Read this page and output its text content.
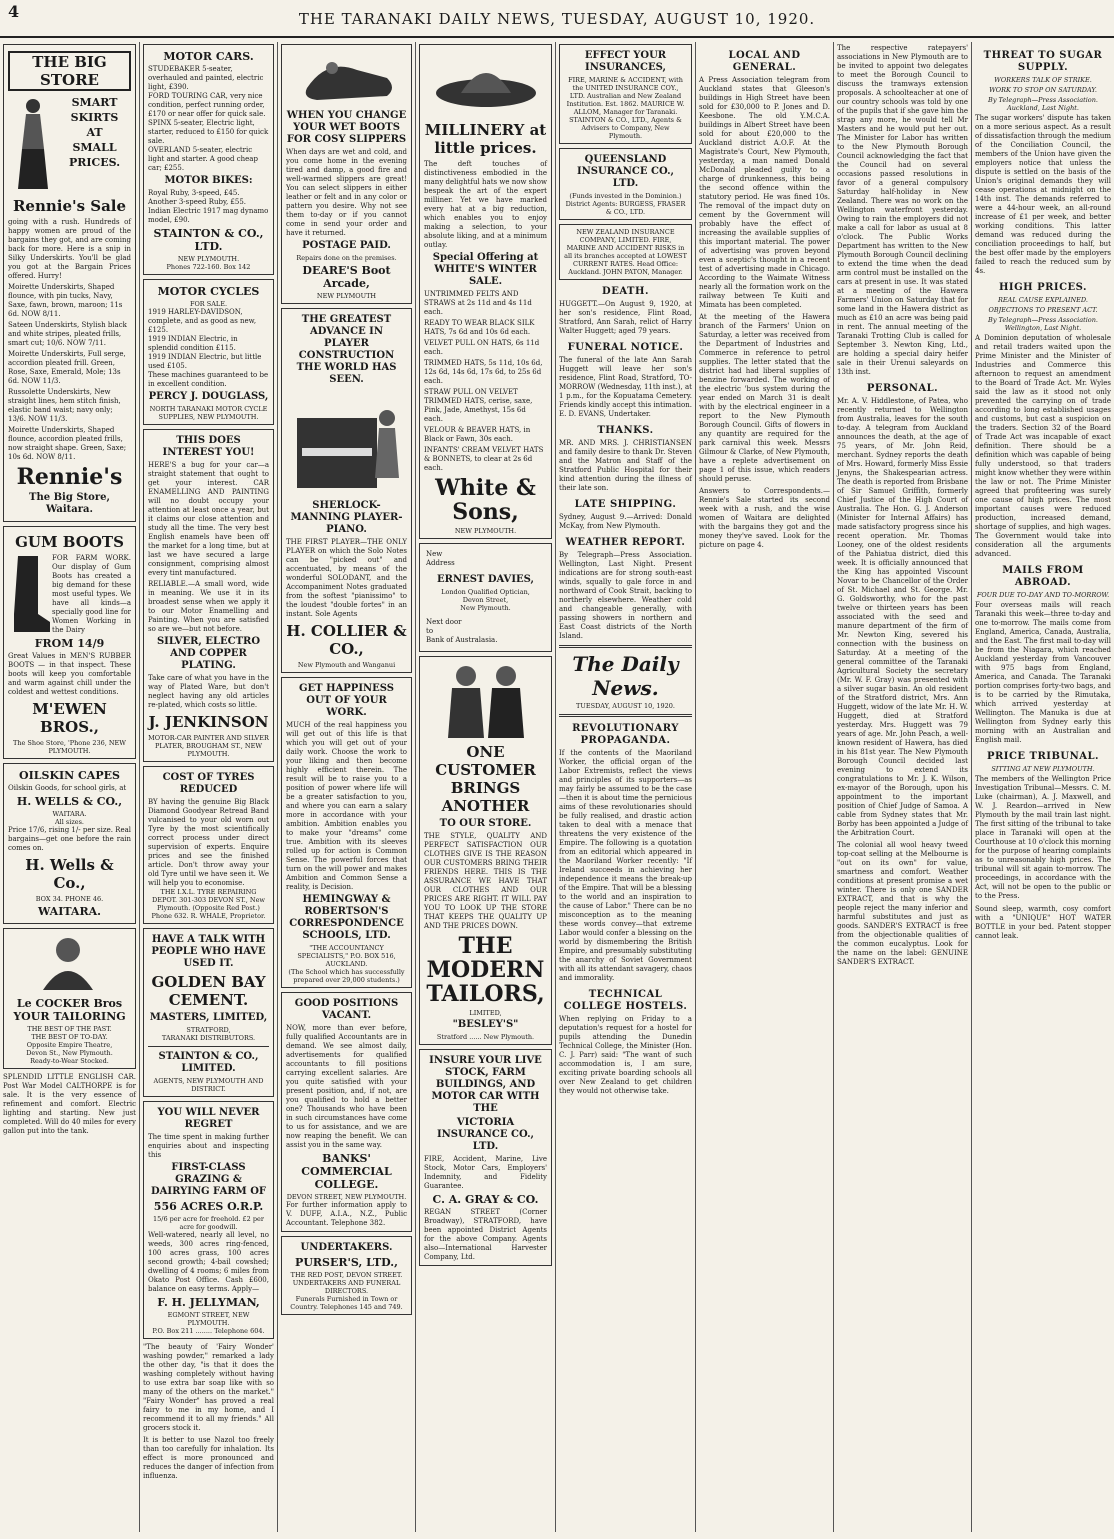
4	THE TARANAKI DAILY NEWS, TUESDAY, AUGUST 10, 1920.
THE BIG STORE
SMART
SKIRTS
AT
SMALL
PRICES.
Rennie's Sale
going with a rush. Hundreds of happy women are proud of the bargains they got, and are coming back for more. Here is a snip in Silky Underskirts. You'll be glad you got at the Bargain Prices offered. Hurry!
Moirette Underskirts, Shaped flounce, with pin tucks, Navy, Saxe, fawn, brown, maroon; 11s 6d. NOW 8/11.
Sateen Underskirts, Stylish black and white stripes, pleated frills, smart cut; 10/6. NOW 7/11.
Moirette Underskirts, Full serge, accordion pleated frill. Green, Rose, Saxe, Emerald, Mole; 13s 6d. NOW 11/3.
Russolette Underskirts, New straight lines, hem stitch finish, elastic band waist; navy only; 13/6. NOW 11/3.
Moirette Underskirts, Shaped flounce, accordion pleated frills, now straight shape. Green, Saxe; 10s 6d. NOW 8/11.
Rennie's
The Big Store, Waitara.
GUM BOOTS
FOR FARM WORK. Our display of Gum Boots has created a big demand for these most useful types. We have all kinds—a specially good line for Women Working in the Dairy
FROM 14/9
Great Values in MEN'S RUBBER BOOTS — in that inspect. These boots will keep you comfortable and warm against chill under the coldest and wettest conditions.
M'EWEN BROS.,
The Shoe Store, 'Phone 236, NEW PLYMOUTH.
OILSKIN CAPES
Oilskin Goods, for school girls, at
H. WELLS & CO.,
WAITARA.
All sizes.
Price 17/6, rising 1/- per size. Real bargains—get one before the rain comes on.
H. Wells & Co.,
BOX 34. PHONE 46.
WAITARA.
Le COCKER Bros YOUR TAILORING
THE BEST OF THE PAST.
THE BEST OF TO-DAY.
Opposite Empire Theatre,
Devon St., New Plymouth.
Ready-to-Wear Stocked.
SPLENDID LITTLE ENGLISH CAR. Post War Model CALTHORPE is for sale. It is the very essence of refinement and comfort. Electric lighting and starting. New just completed. Will do 40 miles for every gallon put into the tank.
MOTOR CARS.
STUDEBAKER 5-seater, overhauled and painted, electric light, £390.
FORD TOURING CAR, very nice condition, perfect running order, £170 or near offer for quick sale.
SPINX 5-seater, Electric light, starter, reduced to £150 for quick sale.
OVERLAND 5-seater, electric light and starter. A good cheap car; £255.
MOTOR BIKES:
Royal Ruby, 3-speed, £45.
Another 3-speed Ruby, £55.
Indian Electric 1917 mag dynamo model, £90.
STAINTON & CO., LTD.
NEW PLYMOUTH.
Phones 722-160. Box 142
MOTOR CYCLES
FOR SALE.
1919 HARLEY-DAVIDSON, complete, and as good as new, £125.
1919 INDIAN Electric, in splendid condition £115.
1919 INDIAN Electric, but little used £105.
These machines guaranteed to be in excellent condition.
PERCY J. DOUGLASS,
NORTH TARANAKI MOTOR CYCLE SUPPLIES, NEW PLYMOUTH.
THIS DOES INTEREST YOU!
HERE'S a bug for your car—a straight statement that ought to get your interest. CAR ENAMELLING AND PAINTING will no doubt occupy your attention at least once a year, but it claims our close attention and study all the time. The very best English enamels have been off the market for a long time, but at last we have secured a large consignment, comprising almost every tint manufactured.
RELIABLE.—A small word, wide in meaning. We use it in its broadest sense when we apply it to our Motor Enamelling and Painting. When you are satisfied so are we—but not before.
SILVER, ELECTRO AND COPPER PLATING.
Take care of what you have in the way of Plated Ware, but don't neglect having any old articles re-plated, which costs so little.
J. JENKINSON
MOTOR-CAR PAINTER AND SILVER PLATER, BROUGHAM ST., NEW PLYMOUTH.
COST OF TYRES REDUCED
BY having the genuine Big Black Diamond Goodyear Retread Band vulcanised to your old worn out Tyre by the most scientifically correct process under direct supervision of experts. Enquire prices and see the finished article. Don't throw away your old Tyre until we have seen it. We will help you to economise.
THE I.X.L. TYRE REPAIRING DEPOT. 301-303 DEVON ST., New Plymouth. (Opposite Red Post.)
Phone 632. R. WHALE, Proprietor.
HAVE A TALK WITH PEOPLE WHO HAVE USED IT.
GOLDEN BAY CEMENT.
MASTERS, LIMITED,
STRATFORD,
TARANAKI DISTRIBUTORS.
STAINTON & CO., LIMITED.
AGENTS, NEW PLYMOUTH AND DISTRICT.
YOU WILL NEVER REGRET
The time spent in making further enquiries about and inspecting this
FIRST-CLASS GRAZING & DAIRYING FARM OF
556 ACRES O.R.P.
15/6 per acre for freehold. £2 per acre for goodwill.
Well-watered, nearly all level, no weeds, 300 acres ring-fenced, 100 acres grass, 100 acres second growth; 4-bail cowshed; dwelling of 4 rooms; 6 miles from Okato Post Office. Cash £600, balance on easy terms. Apply—
F. H. JELLYMAN,
EGMONT STREET, NEW PLYMOUTH.
P.O. Box 211 ........ Telephone 604.
"The beauty of 'Fairy Wonder' washing powder," remarked a lady the other day, "is that it does the washing completely without having to use extra bar soap like with so many of the others on the market." "Fairy Wonder" has proved a real fairy to me in my home, and I recommend it to all my friends." All grocers stock it.
It is better to use Nazol too freely than too carefully for inhalation. Its effect is more pronounced and reduces the danger of infection from influenza.
WHEN YOU CHANGE YOUR WET BOOTS FOR COSY SLIPPERS
When days are wet and cold, and you come home in the evening tired and damp, a good fire and well-warmed slippers are great! You can select slippers in either leather or felt and in any color or pattern you desire. Why not see them to-day or if you cannot come in send your order and have it returned.
POSTAGE PAID.
Repairs done on the premises.
DEARE'S Boot Arcade,
NEW PLYMOUTH
THE GREATEST ADVANCE IN PLAYER CONSTRUCTION THE WORLD HAS SEEN.
SHERLOCK-MANNING PLAYER-PIANO.
THE FIRST PLAYER—THE ONLY PLAYER on which the Solo Notes can be "picked out" and accentuated, by means of the wonderful SOLODANT, and the Accompaniment Notes graduated from the softest "pianissimo" to the loudest "double fortes" in an instant. Sole Agents
H. COLLIER & CO.,
New Plymouth and Wanganui
GET HAPPINESS OUT OF YOUR WORK.
MUCH of the real happiness you will get out of this life is that which you will get out of your daily work. Choose the work to your liking and then become highly efficient therein. The result will be to raise you to a position of power where life will be a greater satisfaction to you, and where you can earn a salary more in accordance with your ambition. Ambition enables you to make your "dreams" come true. Ambition with its sleeves rolled up for action is Common Sense. The powerful forces that turn on the will power and makes Ambition and Common Sense a reality, is Decision.
HEMINGWAY & ROBERTSON'S CORRESPONDENCE SCHOOLS, LTD.
"THE ACCOUNTANCY SPECIALISTS," P.O. BOX 516, AUCKLAND.
(The School which has successfully prepared over 29,000 students.)
GOOD POSITIONS VACANT.
NOW, more than ever before, fully qualified Accountants are in demand. We see almost daily, advertisements for qualified accountants to fill positions carrying excellent salaries. Are you quite satisfied with your present position, and, if not, are you qualified to hold a better one? Thousands who have been in such circumstances have come to us for assistance, and we are now reaping the benefit. We can assist you in the same way.
BANKS' COMMERCIAL COLLEGE.
DEVON STREET, NEW PLYMOUTH.
For further information apply to V. DUFF, A.I.A., N.Z., Public Accountant. Telephone 382.
UNDERTAKERS.
PURSER'S, LTD.,
THE RED POST, DEVON STREET.
UNDERTAKERS AND FUNERAL DIRECTORS.
Funerals Furnished in Town or Country. Telephones 145 and 749.
MILLINERY at little prices.
The deft touches of distinctiveness embodied in the many delightful hats we now show bespeak the art of the expert milliner. Yet we have marked every hat at a big reduction, which enables you to enjoy making a selection, to your absolute liking, and at a minimum outlay.
Special Offering at WHITE'S WINTER SALE.
UNTRIMMED FELTS AND STRAWS at 2s 11d and 4s 11d each.
READY TO WEAR BLACK SILK HATS, 7s 6d and 10s 6d each.
VELVET PULL ON HATS, 6s 11d each.
TRIMMED HATS, 5s 11d, 10s 6d, 12s 6d, 14s 6d, 17s 6d, to 25s 6d each.
STRAW PULL ON VELVET TRIMMED HATS, cerise, saxe, Pink, Jade, Amethyst, 15s 6d each.
VELOUR & BEAVER HATS, in Black or Fawn, 30s each.
INFANTS' CREAM VELVET HATS & BONNETS, to clear at 2s 6d each.
White & Sons,
NEW PLYMOUTH.
New
Address
ERNEST DAVIES,
London Qualified Optician,
Devon Street,
New Plymouth.
Next door
to
Bank of Australasia.
ONE CUSTOMER BRINGS ANOTHER
TO OUR STORE.
THE STYLE, QUALITY AND PERFECT SATISFACTION OUR CLOTHES GIVE IS THE REASON OUR CUSTOMERS BRING THEIR FRIENDS HERE. THIS IS THE ASSURANCE WE HAVE THAT OUR CLOTHES AND OUR PRICES ARE RIGHT. IT WILL PAY YOU TO LOOK UP THE STORE THAT KEEPS THE QUALITY UP AND THE PRICES DOWN.
THE MODERN TAILORS,
LIMITED,
"BESLEY'S"
Stratford ...... New Plymouth.
INSURE YOUR LIVE STOCK, FARM BUILDINGS, AND MOTOR CAR WITH THE
VICTORIA INSURANCE CO., LTD.
FIRE, Accident, Marine, Live Stock, Motor Cars, Employers' Indemnity, and Fidelity Guarantee.
C. A. GRAY & CO.
REGAN STREET (Corner Broadway), STRATFORD, have been appointed District Agents for the above Company. Agents also—International Harvester Company, Ltd.
EFFECT YOUR INSURANCES,
FIRE, MARINE & ACCIDENT, with the UNITED INSURANCE COY., LTD. Australian and New Zealand Institution. Est. 1862. MAURICE W. ALLOM, Manager for Taranaki. STAINTON & CO., LTD., Agents & Advisers to Company, New Plymouth.
QUEENSLAND INSURANCE CO., LTD.
(Funds invested in the Dominion.) District Agents: BURGESS, FRASER & CO., LTD.
NEW ZEALAND INSURANCE COMPANY, LIMITED. FIRE, MARINE AND ACCIDENT RISKS in all its branches accepted at LOWEST CURRENT RATES. Head Office: Auckland. JOHN PATON, Manager.
DEATH.
HUGGETT.—On August 9, 1920, at her son's residence, Flint Road, Stratford, Ann Sarah, relict of Harry Walter Huggett; aged 79 years.
FUNERAL NOTICE.
The funeral of the late Ann Sarah Huggett will leave her son's residence, Flint Road, Stratford, TO-MORROW (Wednesday, 11th inst.), at 1 p.m., for the Kopuatama Cemetery. Friends kindly accept this intimation. E. D. EVANS, Undertaker.
THANKS.
MR. AND MRS. J. CHRISTIANSEN and family desire to thank Dr. Steven and the Matron and Staff of the Stratford Public Hospital for their kind attention during the illness of their late son.
LATE SHIPPING.
Sydney, August 9.—Arrived: Donald McKay, from New Plymouth.
WEATHER REPORT.
By Telegraph—Press Association. Wellington, Last Night. Present indications are for strong south-east winds, squally to gale force in and northward of Cook Strait, backing to northerly elsewhere. Weather cold and changeable generally, with passing showers in northern and East Coast districts of the North Island.
The Daily News.
TUESDAY, AUGUST 10, 1920.
REVOLUTIONARY PROPAGANDA.
If the contents of the Maoriland Worker, the official organ of the Labor Extremists, reflect the views and principles of its supporters—as may fairly be assumed to be the case—then it is about time the pernicious aims of these revolutionaries should be fully realised, and drastic action taken to deal with a menace that threatens the very existence of the Empire. The following is a quotation from an editorial which appeared in the Maoriland Worker recently: "If Ireland succeeds in achieving her independence it means the break-up of the Empire. That will be a blessing to the world and an inspiration to the cause of Labor." There can be no misconception as to the meaning these words convey—that extreme Labor would confer a blessing on the world by dismembering the British Empire, and presumably substituting the anarchy of Soviet Government with all its attendant savagery, chaos and immorality.
TECHNICAL COLLEGE HOSTELS.
When replying on Friday to a deputation's request for a hostel for pupils attending the Dunedin Technical College, the Minister (Hon. C. J. Parr) said: "The want of such accommodation is, I am sure, exciting private boarding schools all over New Zealand to get children they would not otherwise take.
LOCAL AND GENERAL.
A Press Association telegram from Auckland states that Gleeson's buildings in High Street have been sold for £30,000 to P. Jones and D. Keesbone. The old Y.M.C.A. buildings in Albert Street have been sold for about £20,000 to the Auckland district A.O.F. At the Magistrate's Court, New Plymouth, yesterday, a man named Donald McDonald pleaded guilty to a charge of drunkenness, this being the second offence within the statutory period. He was fined 10s. The removal of the impact duty on cement by the Government will probably have the effect of increasing the available supplies of this important material. The power of advertising was proven beyond even a sceptic's thought in a recent test of advertising made in Chicago. According to the Waimate Witness nearly all the formation work on the railway between Te Kuiti and Mimata has been completed.
At the meeting of the Hawera branch of the Farmers' Union on Saturday, a letter was received from the Department of Industries and Commerce in reference to petrol supplies. The letter stated that the district had had liberal supplies of benzine forwarded. The working of the electric 'bus system during the year ended on March 31 is dealt with by the electrical engineer in a report to the New Plymouth Borough Council. Gifts of flowers in any quantity are required for the park carnival this week. Messrs Gilmour & Clarke, of New Plymouth, have a replete advertisement on page 1 of this issue, which readers should peruse.
Answers to Correspondents.—Rennie's Sale started its second week with a rush, and the wise women of Waitara are delighted with the bargains they got and the money they've saved. Look for the picture on page 4.
The respective ratepayers' associations in New Plymouth are to be invited to appoint two delegates to meet the Borough Council to discuss the tramways extension proposals. A schoolteacher at one of our country schools was told by one of the pupils that if she gave him the strap any more, he would tell Mr Masters and he would put her out. The Minister for Labor has written to the New Plymouth Borough Council acknowledging the fact that the Council had on several occasions passed resolutions in favor of a general compulsory Saturday half-holiday in New Zealand. There was no work on the Wellington waterfront yesterday. Owing to rain the employers did not make a call for labor as usual at 8 o'clock. The Public Works Department has written to the New Plymouth Borough Council declining to extend the time when the dead arm control must be installed on the cars at present in use. It was stated at a meeting of the Hawera Farmers' Union on Saturday that for some land in the Hawera district as much as £10 an acre was being paid in rent. The annual meeting of the Taranaki Trotting Club is called for September 3. Newton King, Ltd., are holding a special dairy heifer sale in their Urenui saleyards on 13th inst.
PERSONAL.
Mr. A. V. Hiddlestone, of Patea, who recently returned to Wellington from Australia, leaves for the south to-day. A telegram from Auckland announces the death, at the age of 75 years, of Mr. John Reid, merchant. Sydney reports the death of Mrs. Howard, formerly Miss Essie Jenyns, the Shakespearian actress. The death is reported from Brisbane of Sir Samuel Griffith, formerly Chief Justice of the High Court of Australia. The Hon. G. J. Anderson (Minister for Internal Affairs) has made satisfactory progress since his recent operation. Mr. Thomas Looney, one of the oldest residents of the Pahiatua district, died this week. It is officially announced that the King has appointed Viscount Novar to be Chancellor of the Order of St. Michael and St. George. Mr. G. Goldsworthy, who for the past twelve or thirteen years has been associated with the seed and manure department of the firm of Mr. Newton King, severed his connection with the business on Saturday. At a meeting of the general committee of the Taranaki Agricultural Society the secretary (Mr. W. F. Gray) was presented with a silver sugar basin. An old resident of the Stratford district, Mrs. Ann Huggett, widow of the late Mr. H. W. Huggett, died at Stratford yesterday. Mrs. Huggett was 79 years of age. Mr. John Peach, a well-known resident of Hawera, has died in his 81st year. The New Plymouth Borough Council decided last evening to extend its congratulations to Mr. J. K. Wilson, ex-mayor of the Borough, upon his appointment to the important position of Chief Judge of Samoa. A cable from Sydney states that Mr. Borby has been appointed a Judge of the Arbitration Court.
The colonial all wool heavy tweed top-coat selling at the Melbourne is "out on its own" for value, smartness and comfort. Weather conditions at present promise a wet winter. There is only one SANDER EXTRACT, and that is why the people reject the many inferior and harmful substitutes and just as goods. SANDER'S EXTRACT is free from the objectionable qualities of the common eucalyptus. Look for the name on the label: GENUINE SANDER'S EXTRACT.
THREAT TO SUGAR SUPPLY.
WORKERS TALK OF STRIKE.
WORK TO STOP ON SATURDAY.
By Telegraph—Press Association. Auckland, Last Night.
The sugar workers' dispute has taken on a more serious aspect. As a result of dissatisfaction through the medium of the Conciliation Council, the members of the Union have given the employers notice that unless the dispute is settled on the basis of the Union's original demands they will cease operations at midnight on the 14th inst. The demands referred to were a 44-hour week, an all-round increase of £1 per week, and better working conditions. This latter demand was reduced during the conciliation proceedings to half, but the best offer made by the employers failed to reach the reduced sum by 4s.
HIGH PRICES.
REAL CAUSE EXPLAINED.
OBJECTIONS TO PRESENT ACT.
By Telegraph—Press Association. Wellington, Last Night.
A Dominion deputation of wholesale and retail traders waited upon the Prime Minister and the Minister of Industries and Commerce this afternoon to request an amendment to the Board of Trade Act. Mr. Wyles said the law as it stood not only prevented the carrying on of trade according to long established usages and customs, but cast a suspicion on the traders. Section 32 of the Board of Trade Act was incapable of exact definition. There should be a definition which was capable of being fully understood, so that traders might know whether they were within the law or not. The Prime Minister agreed that profiteering was surely one cause of high prices. The most important causes were reduced production, increased demand, shortage of supplies, and high wages. The Government would take into consideration all the arguments advanced.
MAILS FROM ABROAD.
FOUR DUE TO-DAY AND TO-MORROW.
Four overseas mails will reach Taranaki this week—three to-day and one to-morrow. The mails come from England, America, Canada, Australia, and the East. The first mail to-day will be from the Niagara, which reached Auckland yesterday from Vancouver with 975 bags from England, America, and Canada. The Taranaki portion comprises forty-two bags, and is to be carried by the Rimutaka, which arrived yesterday at Wellington. The Manuka is due at Wellington from Sydney early this morning with an Australian and English mail.
PRICE TRIBUNAL.
SITTING AT NEW PLYMOUTH.
The members of the Wellington Price Investigation Tribunal—Messrs. C. M. Luke (chairman), A. J. Maxwell, and W. J. Reardon—arrived in New Plymouth by the mail train last night. The first sitting of the tribunal to take place in Taranaki will open at the Courthouse at 10 o'clock this morning for the purpose of hearing complaints as to unreasonably high prices. The tribunal will sit again to-morrow. The proceedings, in accordance with the Act, will not be open to the public or to the Press.
Sound sleep, warmth, cosy comfort with a "UNIQUE" HOT WATER BOTTLE in your bed. Patent stopper cannot leak.
